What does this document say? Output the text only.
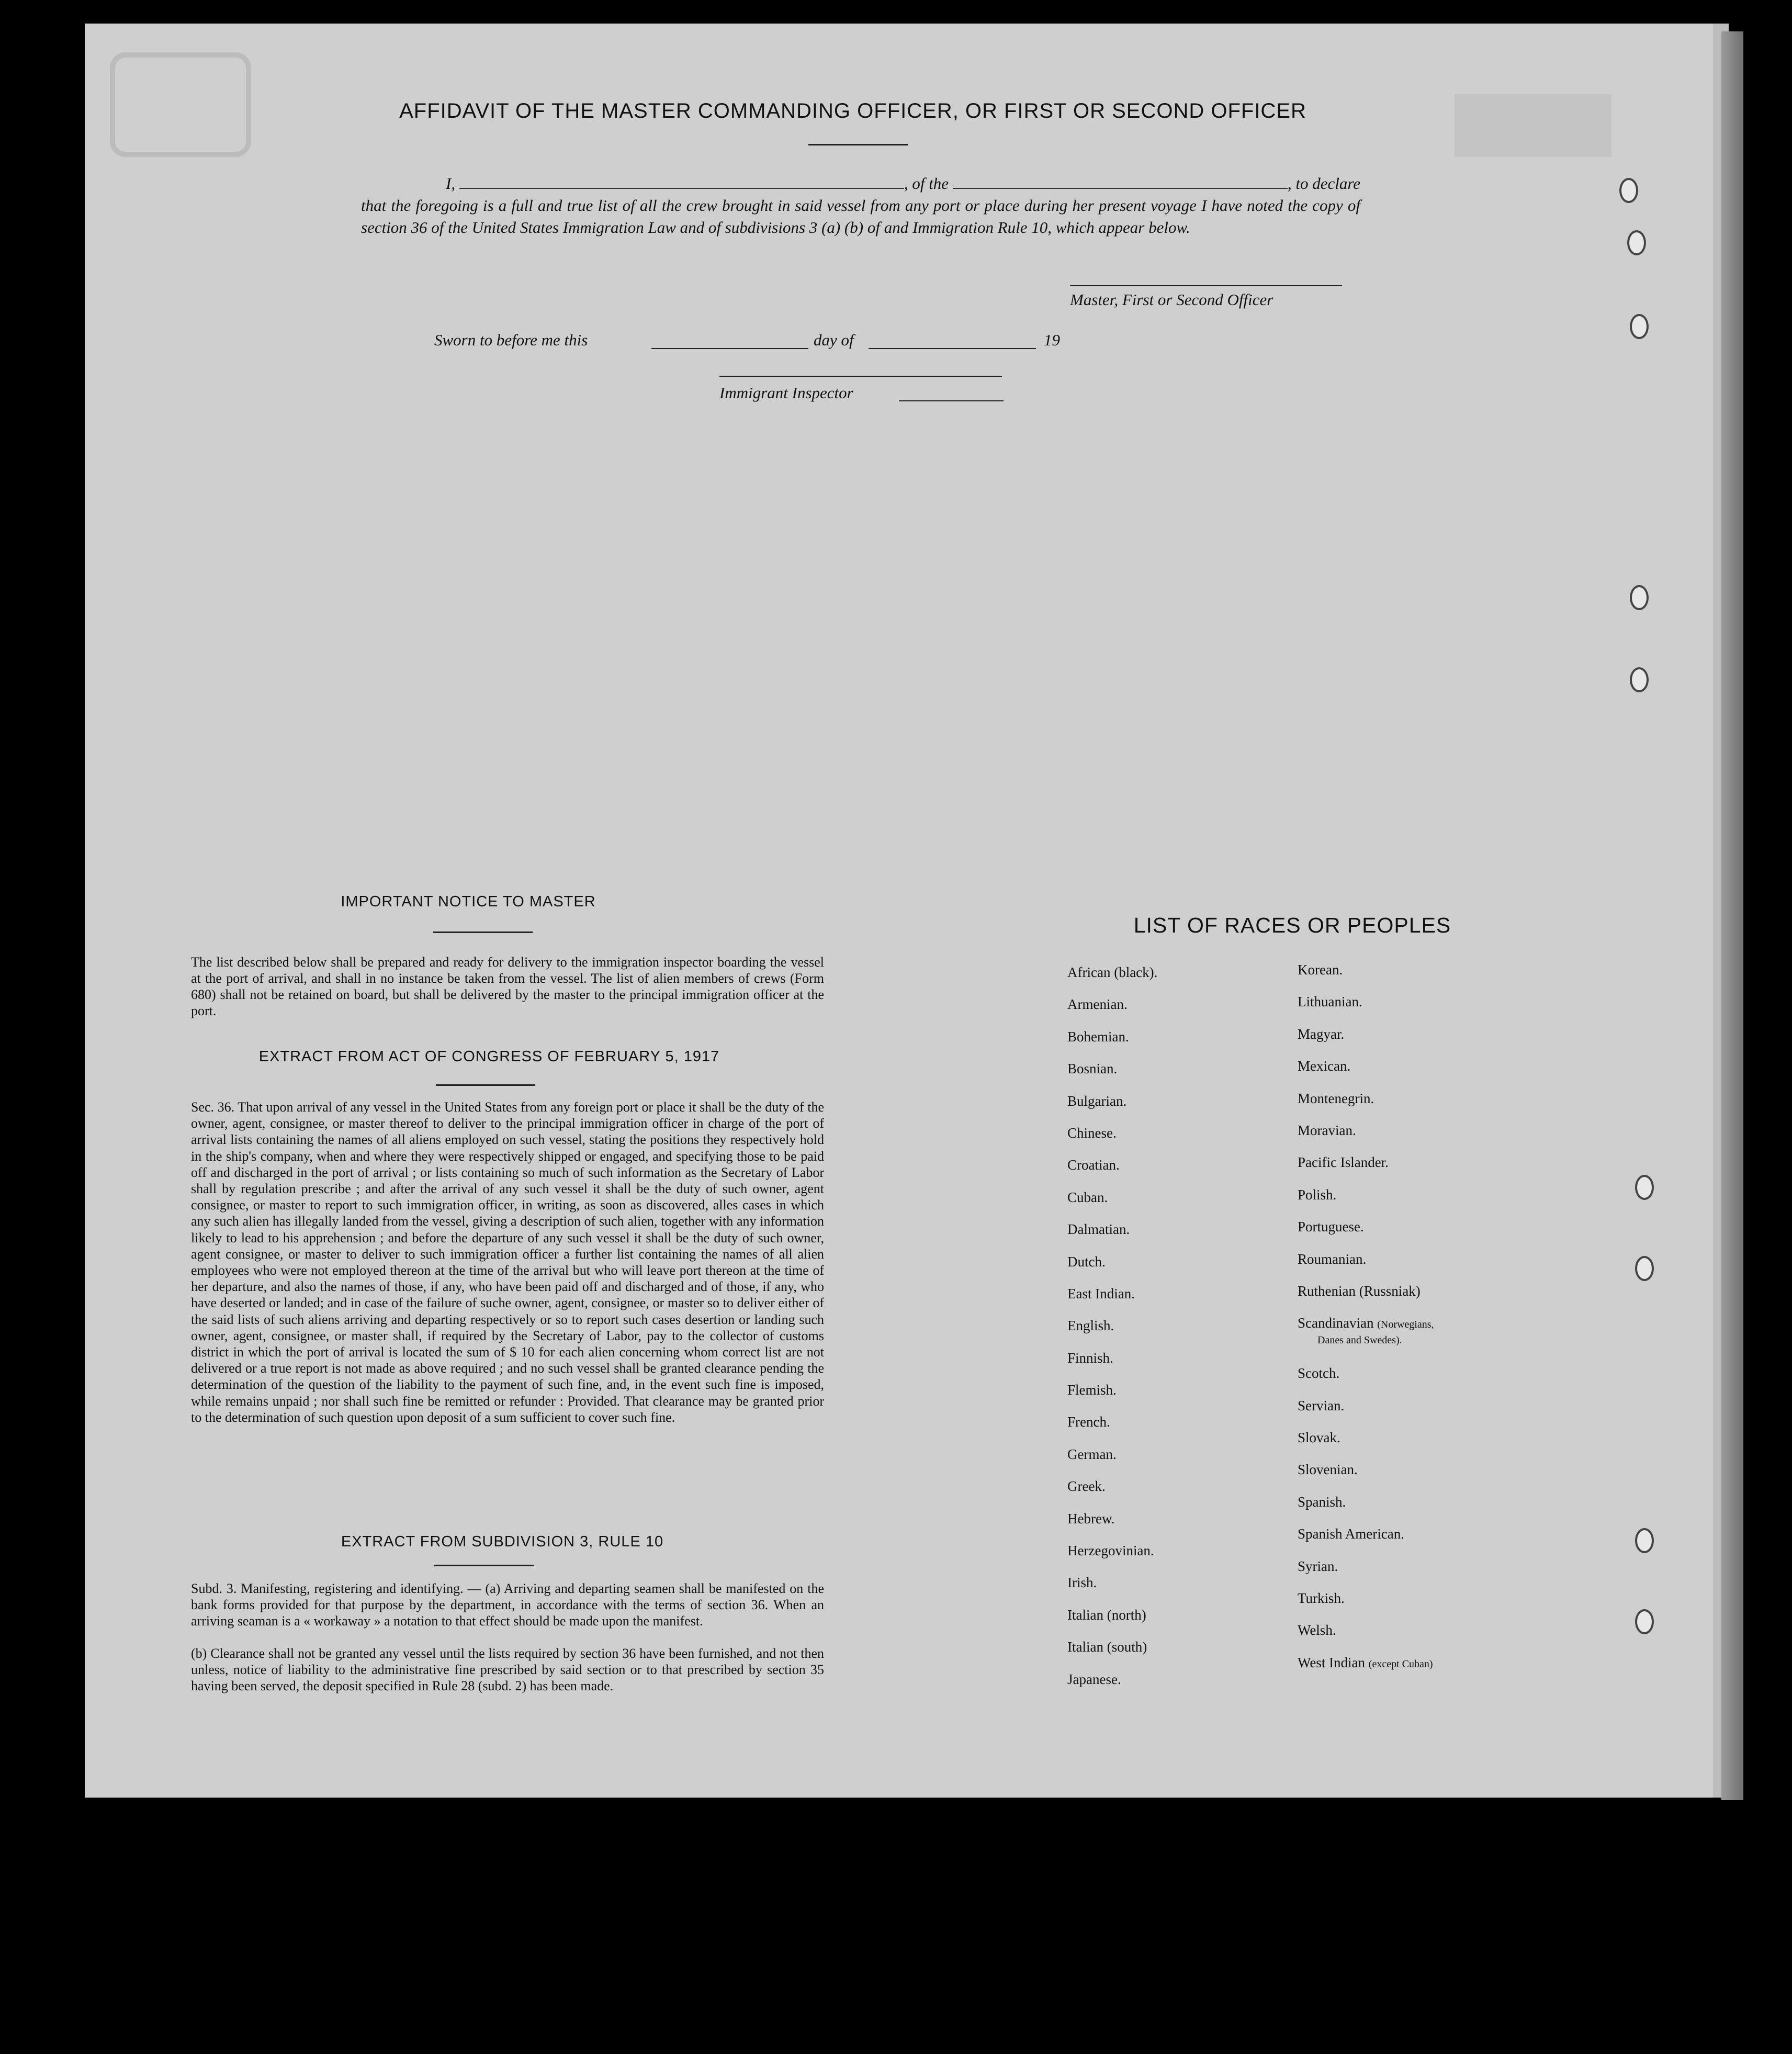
AFFIDAVIT OF THE MASTER COMMANDING OFFICER, OR FIRST OR SECOND OFFICER
I,	, of the	, to declare
that the foregoing is a full and true list of all the crew brought in said vessel from any port or place during her present voyage I have noted the copy of section 36 of the United States Immigration Law and of subdivisions 3 (a) (b) of and Immigration Rule 10, which appear below.
Master, First or Second Officer
Sworn to before me this	day of	19
Immigrant Inspector
IMPORTANT NOTICE TO MASTER
The list described below shall be prepared and ready for delivery to the immigration inspector boarding the vessel at the port of arrival, and shall in no instance be taken from the vessel. The list of alien members of crews (Form 680) shall not be retained on board, but shall be delivered by the master to the principal immigration officer at the port.
EXTRACT FROM ACT OF CONGRESS OF FEBRUARY 5, 1917
Sec. 36. That upon arrival of any vessel in the United States from any foreign port or place it shall be the duty of the owner, agent, consignee, or master thereof to deliver to the principal immigration officer in charge of the port of arrival lists containing the names of all aliens employed on such vessel, stating the positions they respectively hold in the ship's company, when and where they were respectively shipped or engaged, and specifying those to be paid off and discharged in the port of arrival ; or lists containing so much of such information as the Secretary of Labor shall by regulation prescribe ; and after the arrival of any such vessel it shall be the duty of such owner, agent consignee, or master to report to such immigration officer, in writing, as soon as discovered, alles cases in which any such alien has illegally landed from the vessel, giving a description of such alien, together with any information likely to lead to his apprehension ; and before the departure of any such vessel it shall be the duty of such owner, agent consignee, or master to deliver to such immigration officer a further list containing the names of all alien employees who were not employed thereon at the time of the arrival but who will leave port thereon at the time of her departure, and also the names of those, if any, who have been paid off and discharged and of those, if any, who have deserted or landed; and in case of the failure of suche owner, agent, consignee, or master so to deliver either of the said lists of such aliens arriving and departing respectively or so to report such cases desertion or landing such owner, agent, consignee, or master shall, if required by the Secretary of Labor, pay to the collector of customs district in which the port of arrival is located the sum of $ 10 for each alien concerning whom correct list are not delivered or a true report is not made as above required ; and no such vessel shall be granted clearance pending the determination of the question of the liability to the payment of such fine, and, in the event such fine is imposed, while remains unpaid ; nor shall such fine be remitted or refunder : Provided. That clearance may be granted prior to the determination of such question upon deposit of a sum sufficient to cover such fine.
EXTRACT FROM SUBDIVISION 3, RULE 10
Subd. 3. Manifesting, registering and identifying. — (a) Arriving and departing seamen shall be manifested on the bank forms provided for that purpose by the department, in accordance with the terms of section 36. When an arriving seaman is a « workaway » a notation to that effect should be made upon the manifest.
(b) Clearance shall not be granted any vessel until the lists required by section 36 have been furnished, and not then unless, notice of liability to the administrative fine prescribed by said section or to that prescribed by section 35 having been served, the deposit specified in Rule 28 (subd. 2) has been made.
LIST OF RACES OR PEOPLES
African (black).
Armenian.
Bohemian.
Bosnian.
Bulgarian.
Chinese.
Croatian.
Cuban.
Dalmatian.
Dutch.
East Indian.
English.
Finnish.
Flemish.
French.
German.
Greek.
Hebrew.
Herzegovinian.
Irish.
Italian (north)
Italian (south)
Japanese.
Korean.
Lithuanian.
Magyar.
Mexican.
Montenegrin.
Moravian.
Pacific Islander.
Polish.
Portuguese.
Roumanian.
Ruthenian (Russniak)
Scandinavian (Norwegians,
Danes and Swedes).
Scotch.
Servian.
Slovak.
Slovenian.
Spanish.
Spanish American.
Syrian.
Turkish.
Welsh.
West Indian (except Cuban)
